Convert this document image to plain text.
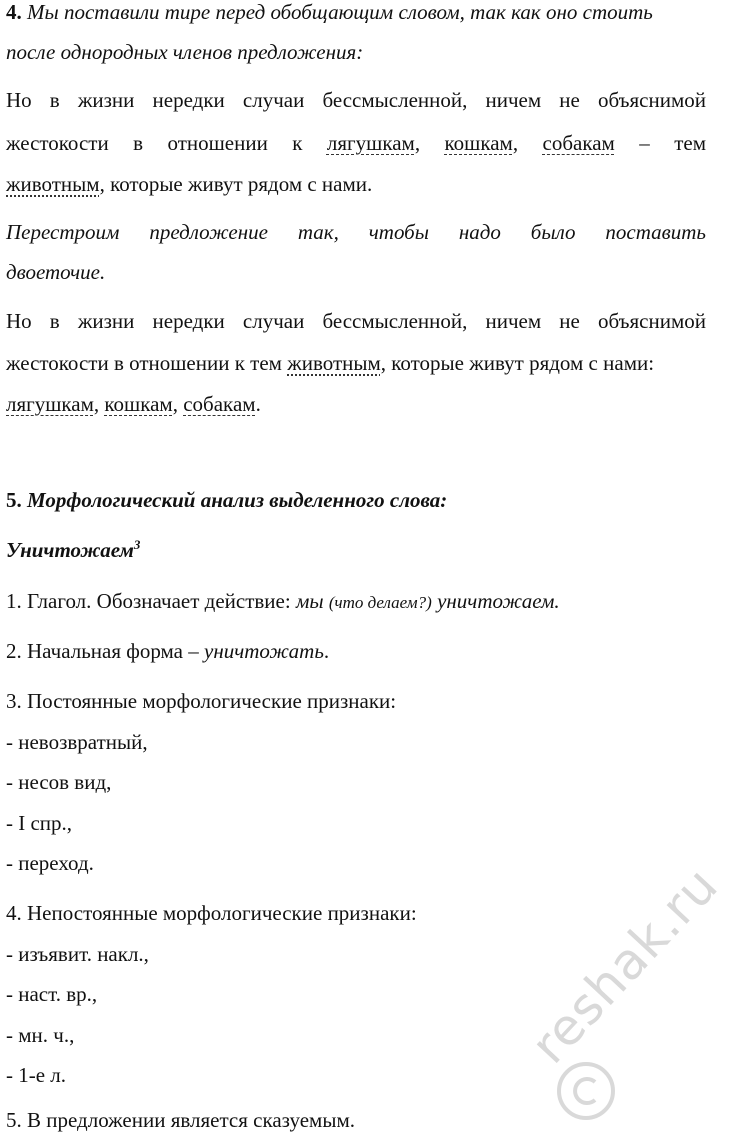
4. Мы поставили тире перед обобщающим словом, так как оно стоить
после однородных членов предложения:
Но в жизни нередки случаи бессмысленной, ничем не объяснимой
жестокости в отношении к лягушкам, кошкам, собакам – тем
животным, которые живут рядом с нами.
Перестроим предложение так, чтобы надо было поставить
двоеточие.
Но в жизни нередки случаи бессмысленной, ничем не объяснимой
жестокости в отношении к тем животным, которые живут рядом с нами:
лягушкам, кошкам, собакам.
5. Морфологический анализ выделенного слова:
Уничтожаем$^3$
1. Глагол. Обозначает действие: мы (что делаем?) уничтожаем.
2. Начальная форма – уничтожать.
3. Постоянные морфологические признаки:
- невозвратный,
- несов вид,
- I спр.,
- переход.
4. Непостоянные морфологические признаки:
- изъявит. накл.,
- наст. вр.,
- мн. ч.,
- 1-е л.
5. В предложении является сказуемым.
reshak.ru
